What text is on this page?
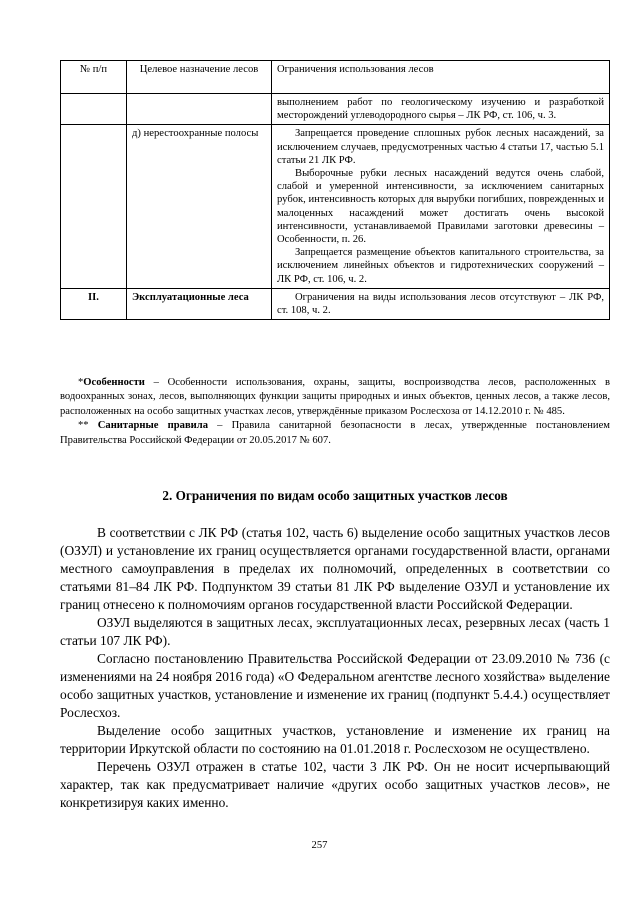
№ п/п	Целевое назначение лесов	Ограничения использования лесов
		выполнением работ по геологическому изучению и разработкой месторождений углеводородного сырья – ЛК РФ, ст. 106, ч. 3.
	д) нерестоохранные полосы	Запрещается проведение сплошных рубок лесных насаждений, за исключением случаев, предусмотренных частью 4 статьи 17, частью 5.1 статьи 21 ЛК РФ.

Выборочные рубки лесных насаждений ведутся очень слабой, слабой и умеренной интенсивности, за исключением санитарных рубок, интенсивность которых для вырубки погибших, поврежденных и малоценных насаждений может достигать очень высокой интенсивности, устанавливаемой Правилами заготовки древесины – Особенности, п. 26.

Запрещается размещение объектов капитального строительства, за исключением линейных объектов и гидротехнических сооружений – ЛК РФ, ст. 106, ч. 2.

II.	Эксплуатационные леса	Ограничения на виды использования лесов отсутствуют – ЛК РФ, ст. 108, ч. 2.

*Особенности – Особенности использования, охраны, защиты, воспроизводства лесов, расположенных в водоохранных зонах, лесов, выполняющих функции защиты природных и иных объектов, ценных лесов, а также лесов, расположенных на особо защитных участках лесов, утверждённые приказом Рослесхоза от 14.12.2010 г. № 485.

** Санитарные правила – Правила санитарной безопасности в лесах, утвержденные постановлением Правительства Российской Федерации от 20.05.2017 № 607.

2. Ограничения по видам особо защитных участков лесов

В соответствии с ЛК РФ (статья 102, часть 6) выделение особо защитных участков лесов (ОЗУЛ) и установление их границ осуществляется органами государственной власти, органами местного самоуправления в пределах их полномочий, определенных в соответствии со статьями 81–84 ЛК РФ. Подпунктом 39 статьи 81 ЛК РФ выделение ОЗУЛ и установление их границ отнесено к полномочиям органов государственной власти Российской Федерации.

ОЗУЛ выделяются в защитных лесах, эксплуатационных лесах, резервных лесах (часть 1 статьи 107 ЛК РФ).

Согласно постановлению Правительства Российской Федерации от 23.09.2010 № 736 (с изменениями на 24 ноября 2016 года) «О Федеральном агентстве лесного хозяйства» выделение особо защитных участков, установление и изменение их границ (подпункт 5.4.4.) осуществляет Рослесхоз.

Выделение особо защитных участков, установление и изменение их границ на территории Иркутской области по состоянию на 01.01.2018 г. Рослесхозом не осуществлено.

Перечень ОЗУЛ отражен в статье 102, части 3 ЛК РФ. Он не носит исчерпывающий характер, так как предусматривает наличие «других особо защитных участков лесов», не конкретизируя каких именно.

257
